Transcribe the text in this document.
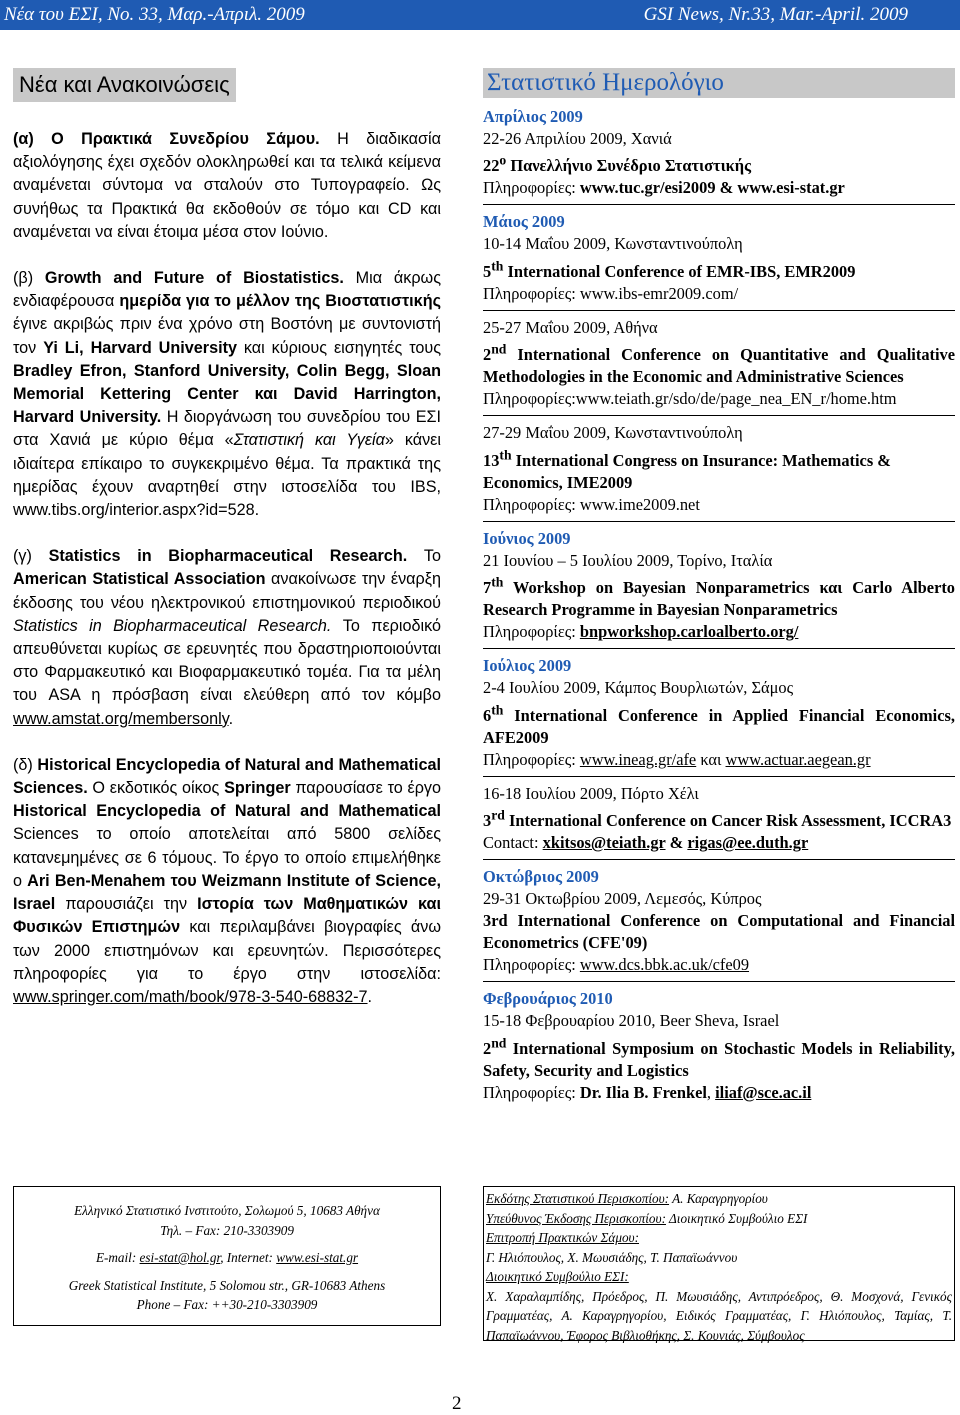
Νέα του ΕΣΙ, No. 33, Μαρ.-Απριλ. 2009	GSI News, Nr.33, Mar.-April. 2009
Νέα και Ανακοινώσεις

(α) Ο Πρακτικά Συνεδρίου Σάμου. Η διαδικασία αξιολόγησης έχει σχεδόν ολοκληρωθεί και τα τελικά κείμενα αναμένεται σύντομα να σταλούν στο Τυπογραφείο. Ως συνήθως τα Πρακτικά θα εκδοθούν σε τόμο και CD και αναμένεται να είναι έτοιμα μέσα στον Ιούνιο.

(β) Growth and Future of Biostatistics. Μια άκρως ενδιαφέρουσα ημερίδα για το μέλλον της Βιοστατιστικής έγινε ακριβώς πριν ένα χρόνο στη Βοστόνη με συντονιστή τον Yi Li, Harvard University και κύριους εισηγητές τους Bradley Efron, Stanford University, Colin Begg, Sloan Memorial Kettering Center και David Harrington, Harvard University. Η διοργάνωση του συνεδρίου του ΕΣΙ στα Χανιά με κύριο θέμα «Στατιστική και Υγεία» κάνει ιδιαίτερα επίκαιρο το συγκεκριμένο θέμα. Τα πρακτικά της ημερίδας έχουν αναρτηθεί στην ιστοσελίδα του IBS, www.tibs.org/interior.aspx?id=528.

(γ) Statistics in Biopharmaceutical Research. Το American Statistical Association ανακοίνωσε την έναρξη έκδοσης του νέου ηλεκτρονικού επιστημονικού περιοδικού Statistics in Biopharmaceutical Research. Το περιοδικό απευθύνεται κυρίως σε ερευνητές που δραστηριοποιούνται στο Φαρμακευτικό και Βιοφαρμακευτικό τομέα. Για τα μέλη του ASA η πρόσβαση είναι ελεύθερη από τον κόμβο www.amstat.org/membersonly.

(δ) Historical Encyclopedia of Natural and Mathematical Sciences. Ο εκδοτικός οίκος Springer παρουσίασε το έργο Historical Encyclopedia of Natural and Mathematical Sciences το οποίο αποτελείται από 5800 σελίδες κατανεμημένες σε 6 τόμους. Το έργο το οποίο επιμελήθηκε ο Ari Ben-Menahem του Weizmann Institute of Science, Israel παρουσιάζει την Ιστορία των Μαθηματικών και Φυσικών Επιστημών και περιλαμβάνει βιογραφίες άνω των 2000 επιστημόνων και ερευνητών. Περισσότερες πληροφορίες για το έργο στην ιστοσελίδα: www.springer.com/math/book/978-3-540-68832-7.

Στατιστικό Ημερολόγιο

Απρίλιος 2009

22-26 Απριλίου 2009, Χανιά

$22^o$ Πανελλήνιο Συνέδριο Στατιστικής

Πληροφορίες: www.tuc.gr/esi2009 & www.esi-stat.gr

Μάιος 2009

10-14 Μαΐου 2009, Κωνσταντινούπολη

5th International Conference of EMR-IBS, EMR2009

Πληροφορίες: www.ibs-emr2009.com/

25-27 Μαΐου 2009, Αθήνα

2nd International Conference on Quantitative and Qualitative Methodologies in the Economic and Administrative Sciences

Πληροφορίες:www.teiath.gr/sdo/de/page_nea_EN_r/home.htm

27-29 Μαΐου 2009, Κωνσταντινούπολη

13th International Congress on Insurance: Mathematics & Economics, IME2009

Πληροφορίες: www.ime2009.net

Ιούνιος 2009

21 Ιουνίου – 5 Ιουλίου 2009, Τορίνο, Ιταλία

7th Workshop on Bayesian Nonparametrics και Carlo Alberto Research Programme in Bayesian Nonparametrics

Πληροφορίες: bnpworkshop.carloalberto.org/

Ιούλιος 2009

2-4 Ιουλίου 2009, Κάμπος Βουρλιωτών, Σάμος

6th International Conference in Applied Financial Economics, AFE2009

Πληροφορίες: www.ineag.gr/afe και www.actuar.aegean.gr

16-18 Ιουλίου 2009, Πόρτο Χέλι

3rd International Conference on Cancer Risk Assessment, ICCRA3

Contact: xkitsos@teiath.gr & rigas@ee.duth.gr

Οκτώβριος 2009

29-31 Οκτωβρίου 2009, Λεμεσός, Κύπρος

3rd International Conference on Computational and Financial Econometrics (CFE'09)

Πληροφορίες: www.dcs.bbk.ac.uk/cfe09

Φεβρουάριος 2010

15-18 Φεβρουαρίου 2010, Beer Sheva, Israel

2nd International Symposium on Stochastic Models in Reliability, Safety, Security and Logistics

Πληροφορίες: Dr. Ilia B. Frenkel, iliaf@sce.ac.il

Ελληνικό Στατιστικό Ινστιτούτο, Σολωμού 5, 10683 Αθήνα
Τηλ. – Fax: 210-3303909
E-mail: esi-stat@hol.gr, Internet: www.esi-stat.gr
Greek Statistical Institute, 5 Solomou str., GR-10683 Athens
Phone – Fax: ++30-210-3303909
Εκδότης Στατιστικού Περισκοπίου: Α. Καραγρηγορίου
Υπεύθυνος Έκδοσης Περισκοπίου: Διοικητικό Συμβούλιο ΕΣΙ
Επιτροπή Πρακτικών Σάμου:
Γ. Ηλιόπουλος, Χ. Μωυσιάδης, Τ. Παπαϊωάννου
Διοικητικό Συμβούλιο ΕΣΙ:
Χ. Χαραλαμπίδης, Πρόεδρος, Π. Μωυσιάδης, Αντιπρόεδρος, Θ. Μοσχονά, Γενικός Γραμματέας, Α. Καραγρηγορίου, Ειδικός Γραμματέας, Γ. Ηλιόπουλος, Ταμίας, Τ. Παπαϊωάννου, Έφορος Βιβλιοθήκης, Σ. Κουνιάς, Σύμβουλος
2
